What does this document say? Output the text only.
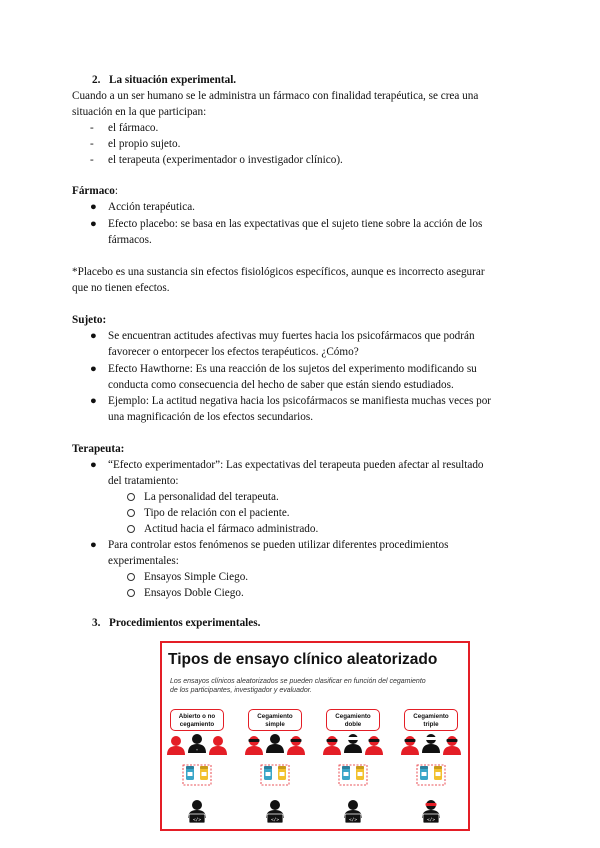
2. La situación experimental.
Cuando a un ser humano se le administra un fármaco con finalidad terapéutica, se crea una
situación en la que participan:
- el fármaco.
- el propio sujeto.
- el terapeuta (experimentador o investigador clínico).
Fármaco:
● Acción terapéutica.
● Efecto placebo: se basa en las expectativas que el sujeto tiene sobre la acción de los
fármacos.
*Placebo es una sustancia sin efectos fisiológicos específicos, aunque es incorrecto asegurar
que no tienen efectos.
Sujeto:
● Se encuentran actitudes afectivas muy fuertes hacia los psicofármacos que podrán
favorecer o entorpecer los efectos terapéuticos. ¿Cómo?
● Efecto Hawthorne: Es una reacción de los sujetos del experimento modificando su
conducta como consecuencia del hecho de saber que están siendo estudiados.
● Ejemplo: La actitud negativa hacia los psicofármacos se manifiesta muchas veces por
una magnificación de los efectos secundarios.
Terapeuta:
● “Efecto experimentador”: Las expectativas del terapeuta pueden afectar al resultado
del tratamiento:
La personalidad del terapeuta.
Tipo de relación con el paciente.
Actitud hacia el fármaco administrado.
● Para controlar estos fenómenos se pueden utilizar diferentes procedimientos
experimentales:
Ensayos Simple Ciego.
Ensayos Doble Ciego.
3. Procedimientos experimentales.
Tipos de ensayo clínico aleatorizado
Los ensayos clínicos aleatorizados se pueden clasificar en función del cegamiento
de los participantes, investigador y evaluador.
Abierto o no
cegamiento
Cegamiento
simple
Cegamiento
doble
Cegamiento
triple
</>
+
